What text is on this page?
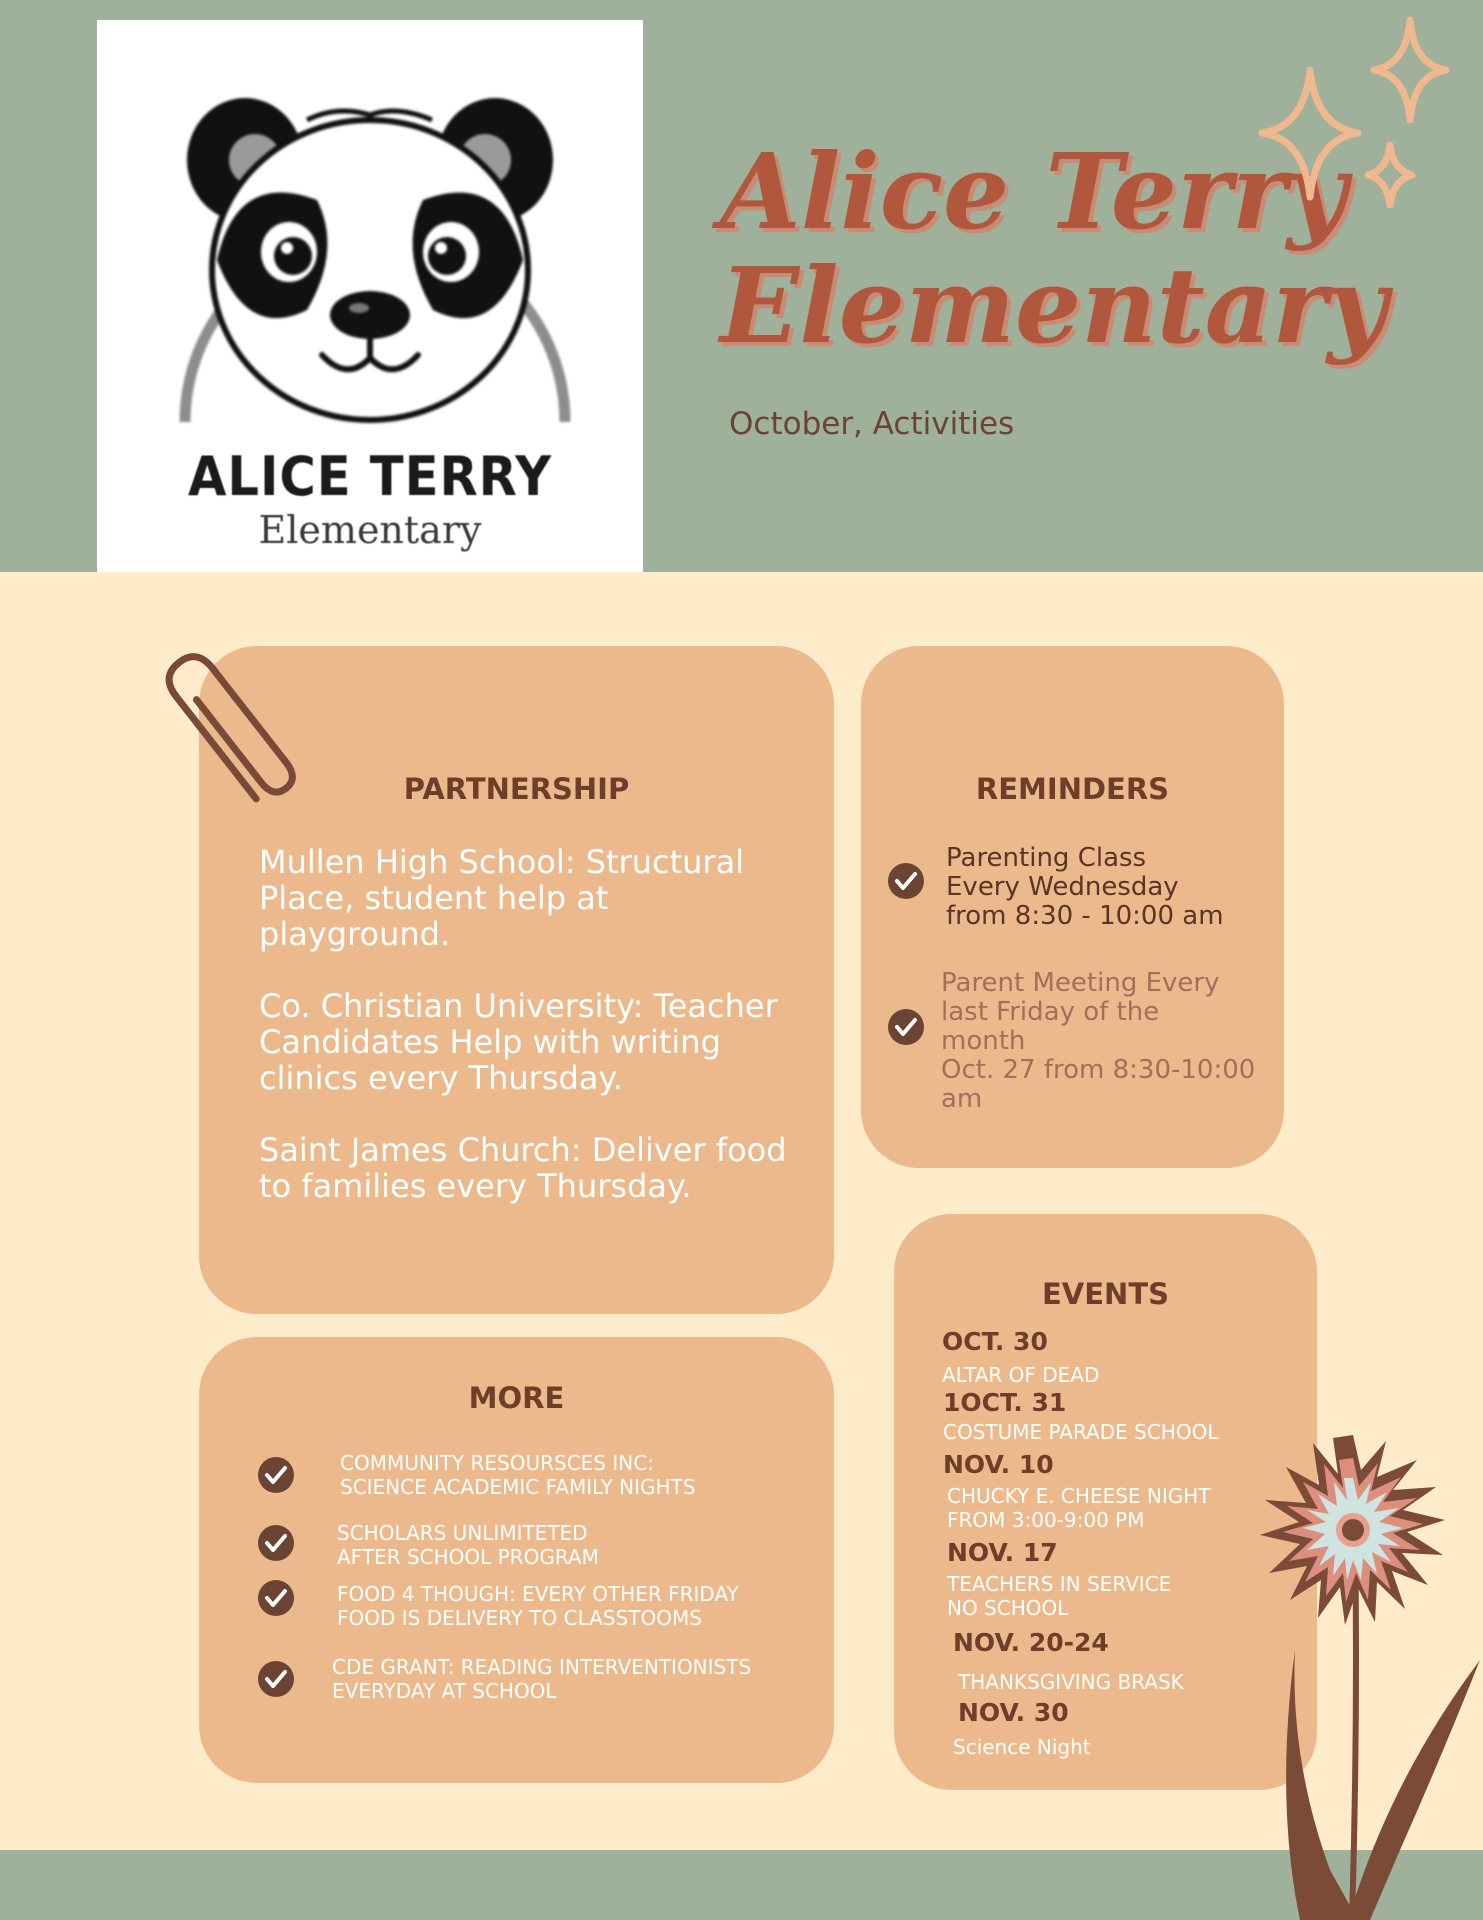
ALICE TERRY
Elementary
Alice Terry
Elementary
October, Activities
PARTNERSHIP
Mullen High School: Structural Place, student help at playground.
Co. Christian University: Teacher Candidates Help with writing clinics every Thursday.
Saint James Church: Deliver food to families every Thursday.
REMINDERS
Parenting Class
Every Wednesday
from 8:30 - 10:00 am
Parent Meeting Every
last Friday of the
month
Oct. 27 from 8:30-10:00
am
MORE
COMMUNITY RESOURSCES INC:
SCIENCE ACADEMIC FAMILY NIGHTS
SCHOLARS UNLIMITETED
AFTER SCHOOL PROGRAM
FOOD 4 THOUGH: EVERY OTHER FRIDAY
FOOD IS DELIVERY TO CLASSTOOMS
CDE GRANT: READING INTERVENTIONISTS
EVERYDAY AT SCHOOL
EVENTS
OCT. 30
ALTAR OF DEAD
1OCT. 31
COSTUME PARADE SCHOOL
NOV. 10
CHUCKY E. CHEESE NIGHT
FROM 3:00-9:00 PM
NOV. 17
TEACHERS IN SERVICE
NO SCHOOL
NOV. 20-24
THANKSGIVING BRASK
NOV. 30
Science Night
